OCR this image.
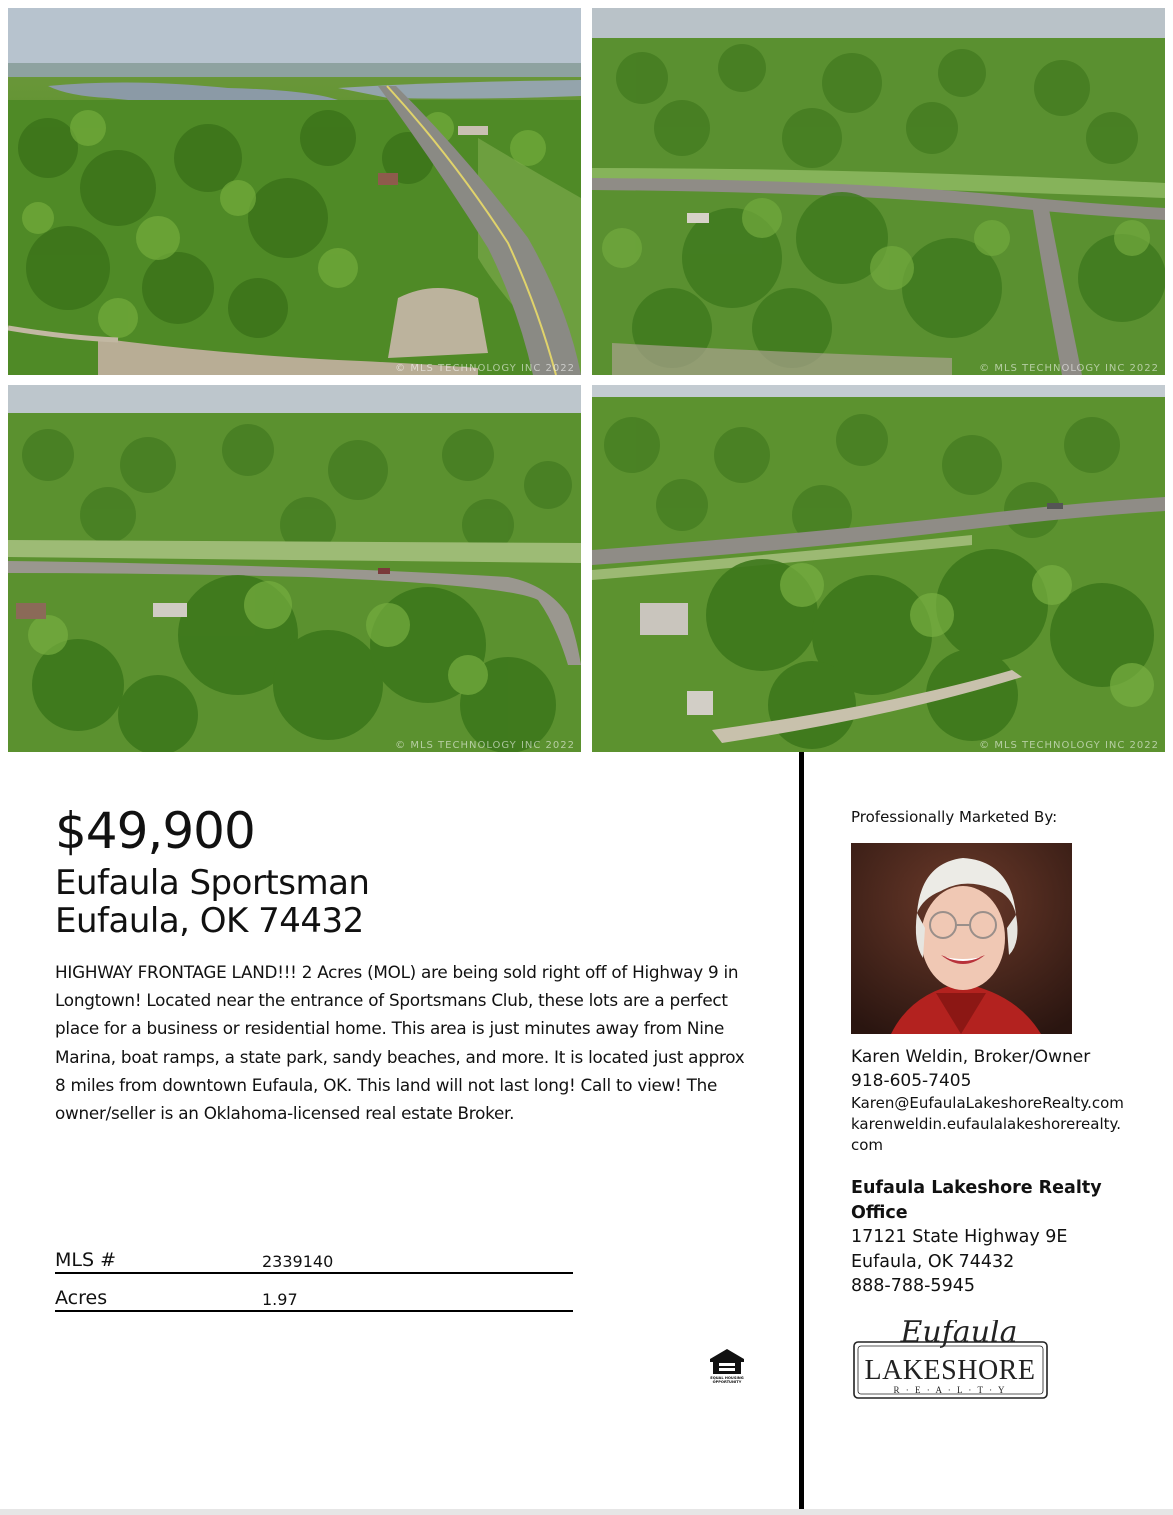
© MLS TECHNOLOGY INC 2022	© MLS TECHNOLOGY INC 2022
© MLS TECHNOLOGY INC 2022	© MLS TECHNOLOGY INC 2022
$49,900
Eufaula Sportsman
Eufaula, OK 74432
HIGHWAY FRONTAGE LAND!!! 2 Acres (MOL) are being sold right off of Highway 9 in Longtown! Located near the entrance of Sportsmans Club, these lots are a perfect place for a business or residential home. This area is just minutes away from Nine Marina, boat ramps, a state park, sandy beaches, and more. It is located just approx 8 miles from downtown Eufaula, OK. This land will not last long! Call to view! The owner/seller is an Oklahoma-licensed real estate Broker.
MLS #	2339140
Acres	1.97
EQUAL HOUSING
OPPORTUNITY
Professionally Marketed By:
Karen Weldin, Broker/Owner
918-605-7405
Karen@EufaulaLakeshoreRealty.com
karenweldin.eufaulalakeshorerealty.
com
Eufaula Lakeshore Realty Office
17121 State Highway 9E
Eufaula, OK 74432
888-788-5945
Eufaula
LAKESHORE
R · E · A · L · T · Y
